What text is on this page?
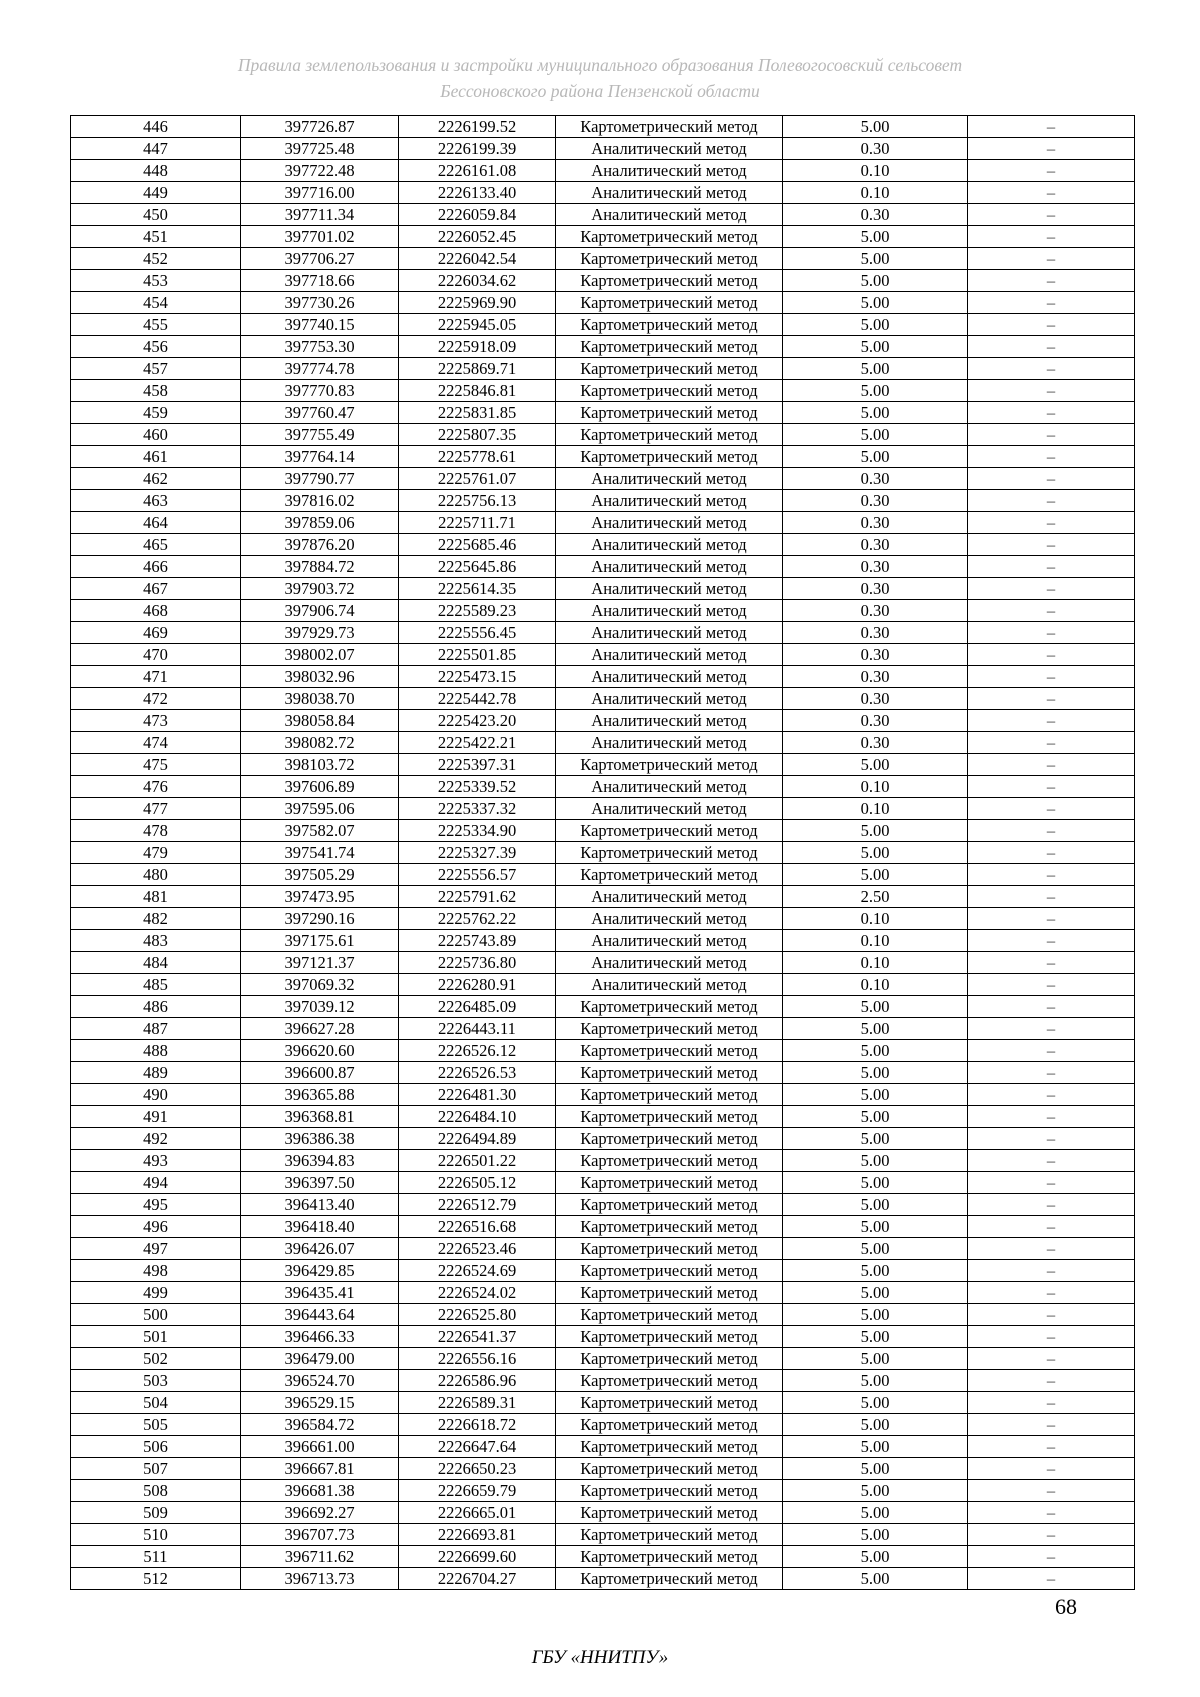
Правила землепользования и застройки муниципального образования Полевогосовский сельсовет
Бессоновского района Пензенской области
446	397726.87	2226199.52	Картометрический метод	5.00	–
447	397725.48	2226199.39	Аналитический метод	0.30	–
448	397722.48	2226161.08	Аналитический метод	0.10	–
449	397716.00	2226133.40	Аналитический метод	0.10	–
450	397711.34	2226059.84	Аналитический метод	0.30	–
451	397701.02	2226052.45	Картометрический метод	5.00	–
452	397706.27	2226042.54	Картометрический метод	5.00	–
453	397718.66	2226034.62	Картометрический метод	5.00	–
454	397730.26	2225969.90	Картометрический метод	5.00	–
455	397740.15	2225945.05	Картометрический метод	5.00	–
456	397753.30	2225918.09	Картометрический метод	5.00	–
457	397774.78	2225869.71	Картометрический метод	5.00	–
458	397770.83	2225846.81	Картометрический метод	5.00	–
459	397760.47	2225831.85	Картометрический метод	5.00	–
460	397755.49	2225807.35	Картометрический метод	5.00	–
461	397764.14	2225778.61	Картометрический метод	5.00	–
462	397790.77	2225761.07	Аналитический метод	0.30	–
463	397816.02	2225756.13	Аналитический метод	0.30	–
464	397859.06	2225711.71	Аналитический метод	0.30	–
465	397876.20	2225685.46	Аналитический метод	0.30	–
466	397884.72	2225645.86	Аналитический метод	0.30	–
467	397903.72	2225614.35	Аналитический метод	0.30	–
468	397906.74	2225589.23	Аналитический метод	0.30	–
469	397929.73	2225556.45	Аналитический метод	0.30	–
470	398002.07	2225501.85	Аналитический метод	0.30	–
471	398032.96	2225473.15	Аналитический метод	0.30	–
472	398038.70	2225442.78	Аналитический метод	0.30	–
473	398058.84	2225423.20	Аналитический метод	0.30	–
474	398082.72	2225422.21	Аналитический метод	0.30	–
475	398103.72	2225397.31	Картометрический метод	5.00	–
476	397606.89	2225339.52	Аналитический метод	0.10	–
477	397595.06	2225337.32	Аналитический метод	0.10	–
478	397582.07	2225334.90	Картометрический метод	5.00	–
479	397541.74	2225327.39	Картометрический метод	5.00	–
480	397505.29	2225556.57	Картометрический метод	5.00	–
481	397473.95	2225791.62	Аналитический метод	2.50	–
482	397290.16	2225762.22	Аналитический метод	0.10	–
483	397175.61	2225743.89	Аналитический метод	0.10	–
484	397121.37	2225736.80	Аналитический метод	0.10	–
485	397069.32	2226280.91	Аналитический метод	0.10	–
486	397039.12	2226485.09	Картометрический метод	5.00	–
487	396627.28	2226443.11	Картометрический метод	5.00	–
488	396620.60	2226526.12	Картометрический метод	5.00	–
489	396600.87	2226526.53	Картометрический метод	5.00	–
490	396365.88	2226481.30	Картометрический метод	5.00	–
491	396368.81	2226484.10	Картометрический метод	5.00	–
492	396386.38	2226494.89	Картометрический метод	5.00	–
493	396394.83	2226501.22	Картометрический метод	5.00	–
494	396397.50	2226505.12	Картометрический метод	5.00	–
495	396413.40	2226512.79	Картометрический метод	5.00	–
496	396418.40	2226516.68	Картометрический метод	5.00	–
497	396426.07	2226523.46	Картометрический метод	5.00	–
498	396429.85	2226524.69	Картометрический метод	5.00	–
499	396435.41	2226524.02	Картометрический метод	5.00	–
500	396443.64	2226525.80	Картометрический метод	5.00	–
501	396466.33	2226541.37	Картометрический метод	5.00	–
502	396479.00	2226556.16	Картометрический метод	5.00	–
503	396524.70	2226586.96	Картометрический метод	5.00	–
504	396529.15	2226589.31	Картометрический метод	5.00	–
505	396584.72	2226618.72	Картометрический метод	5.00	–
506	396661.00	2226647.64	Картометрический метод	5.00	–
507	396667.81	2226650.23	Картометрический метод	5.00	–
508	396681.38	2226659.79	Картометрический метод	5.00	–
509	396692.27	2226665.01	Картометрический метод	5.00	–
510	396707.73	2226693.81	Картометрический метод	5.00	–
511	396711.62	2226699.60	Картометрический метод	5.00	–
512	396713.73	2226704.27	Картометрический метод	5.00	–
68
ГБУ «ННИТПУ»
